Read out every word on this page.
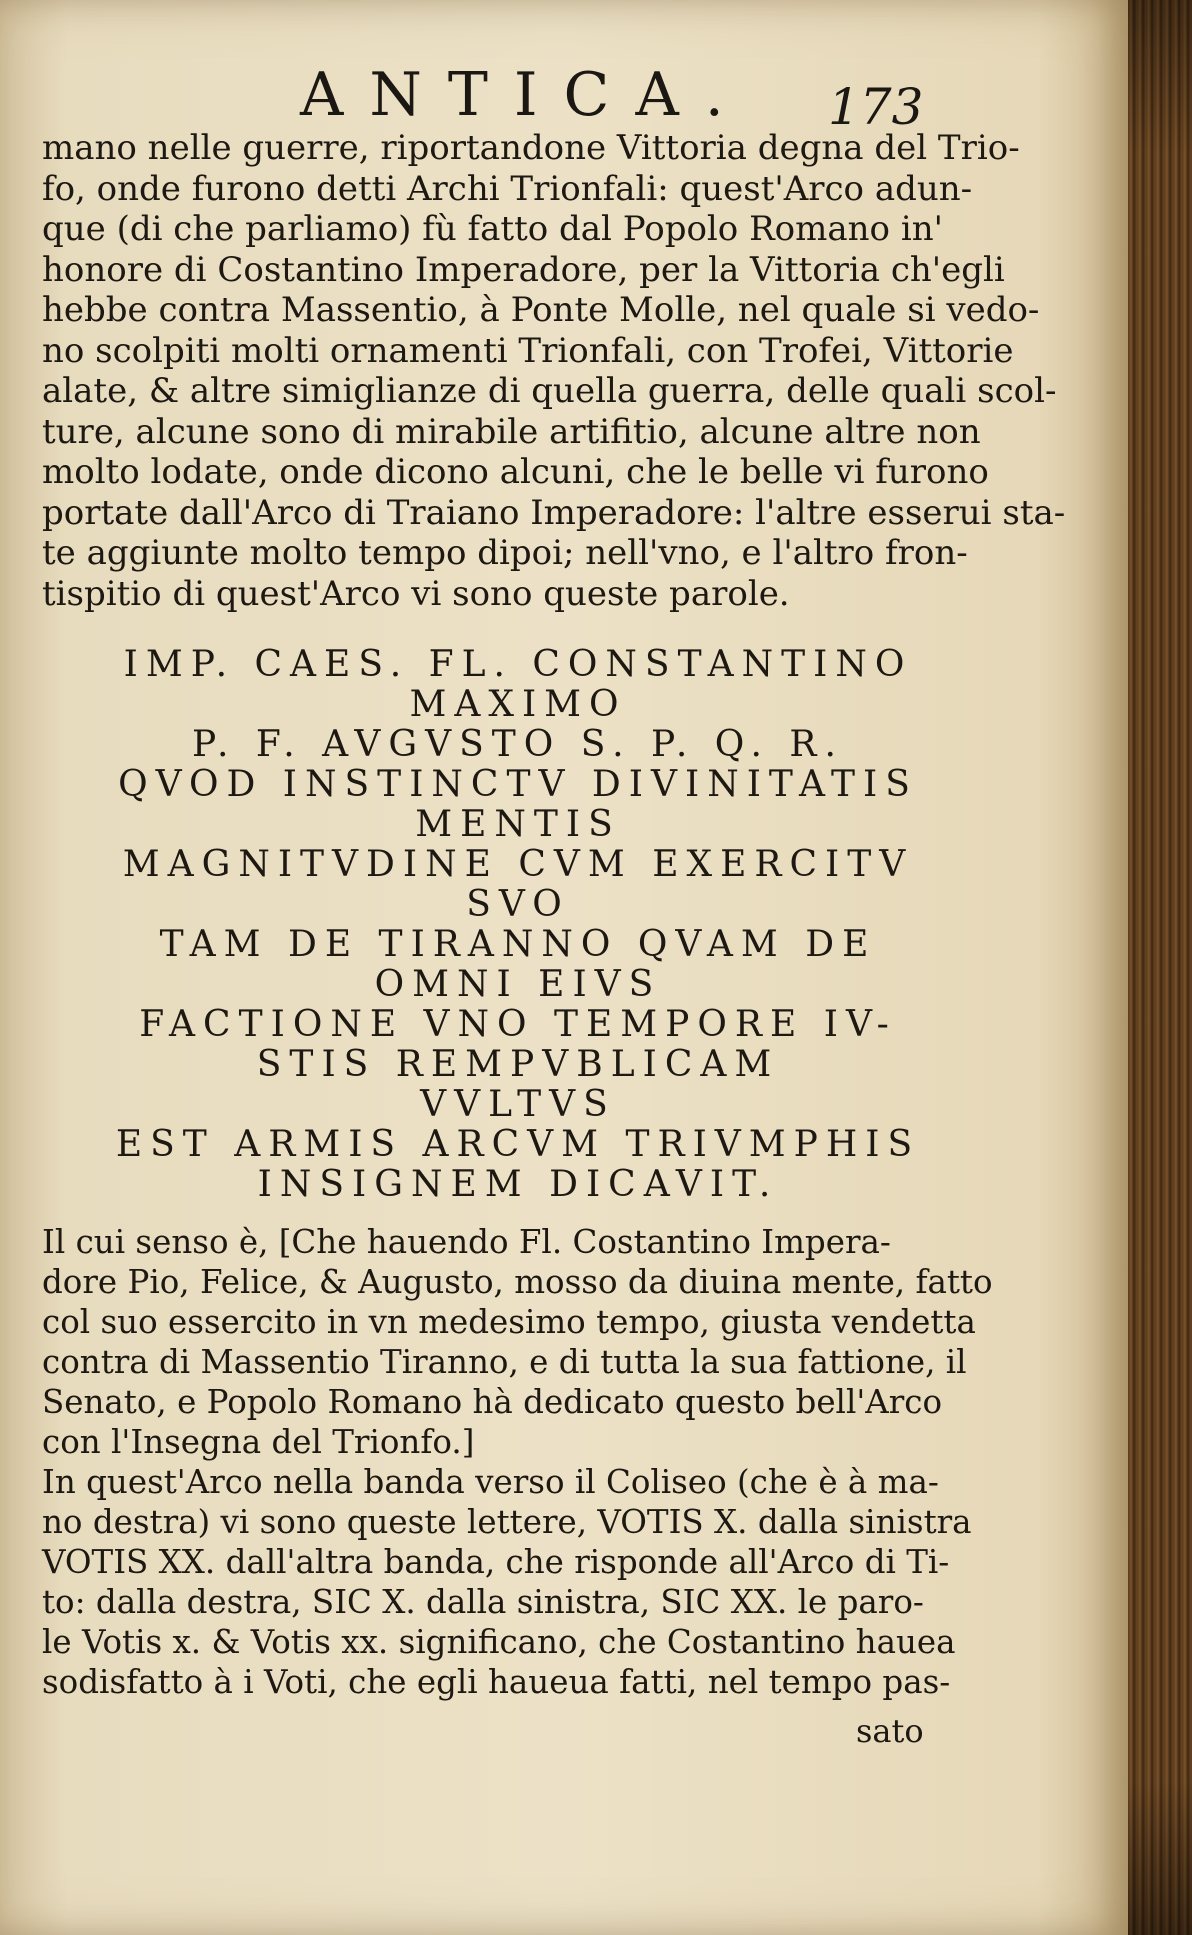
ANTICA. 173
mano nelle guerre, riportandone Vittoria degna del Trio-
fo, onde furono detti Archi Trionfali: quest'Arco adun-
que (di che parliamo) fù fatto dal Popolo Romano in'
honore di Costantino Imperadore, per la Vittoria ch'egli
hebbe contra Massentio, à Ponte Molle, nel quale si vedo-
no scolpiti molti ornamenti Trionfali, con Trofei, Vittorie
alate, & altre simiglianze di quella guerra, delle quali scol-
ture, alcune sono di mirabile artifitio, alcune altre non
molto lodate, onde dicono alcuni, che le belle vi furono
portate dall'Arco di Traiano Imperadore: l'altre esserui sta-
te aggiunte molto tempo dipoi; nell'vno, e l'altro fron-
tispitio di quest'Arco vi sono queste parole.
IMP. CAES. FL. CONSTANTINO
MAXIMO
P. F. AVGVSTO S. P. Q. R.
QVOD INSTINCTV DIVINITATIS
MENTIS
MAGNITVDINE CVM EXERCITV
SVO
TAM DE TIRANNO QVAM DE
OMNI EIVS
FACTIONE VNO TEMPORE IV-
STIS REMPVBLICAM
VVLTVS
EST ARMIS ARCVM TRIVMPHIS
INSIGNEM DICAVIT.
Il cui senso è, [Che hauendo Fl. Costantino Impera-
dore Pio, Felice, & Augusto, mosso da diuina mente, fatto
col suo essercito in vn medesimo tempo, giusta vendetta
contra di Massentio Tiranno, e di tutta la sua fattione, il
Senato, e Popolo Romano hà dedicato questo bell'Arco
con l'Insegna del Trionfo.]
In quest'Arco nella banda verso il Coliseo (che è à ma-
no destra) vi sono queste lettere, VOTIS X. dalla sinistra
VOTIS XX. dall'altra banda, che risponde all'Arco di Ti-
to: dalla destra, SIC X. dalla sinistra, SIC XX. le paro-
le Votis x. & Votis xx. significano, che Costantino hauea
sodisfatto à i Voti, che egli haueua fatti, nel tempo pas-
sato
